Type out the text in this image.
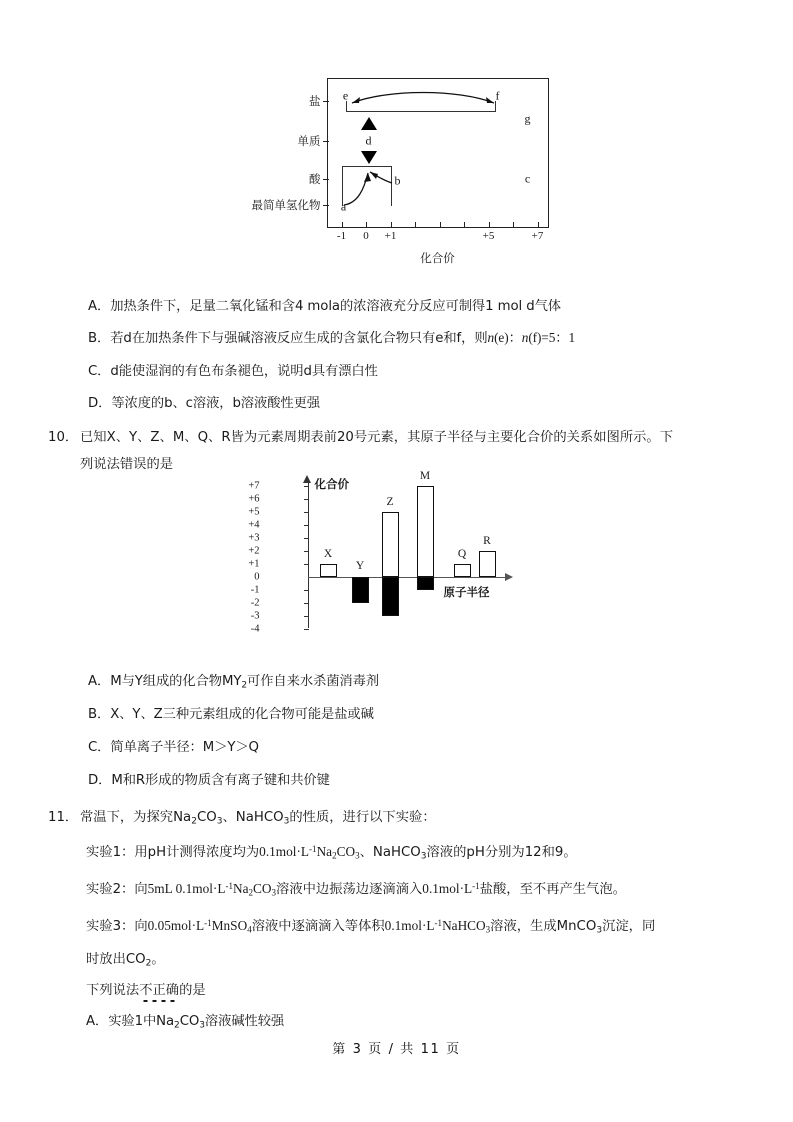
盐
单质
酸
最简单氢化物
-1 0 +1	+5	+7
e	f
g
d
a
b	c
化合价
A．加热条件下，足量二氧化锰和含4 mola的浓溶液充分反应可制得1 mol d气体
B．若d在加热条件下与强碱溶液反应生成的含氯化合物只有e和f，则n(e)：n(f)=5：1
C．d能使湿润的有色布条褪色，说明d具有漂白性
D．等浓度的b、c溶液，b溶液酸性更强
10． 已知X、Y、Z、M、Q、R皆为元素周期表前20号元素，其原子半径与主要化合价的关系如图所示。下
列说法错误的是
化合价
原子半径
+7
+6
+5
+4
+3
+2
+1
0
-1
-2
-3
-4
X
Y
Z
M
Q
R
A．M与Y组成的化合物$MY_2$可作自来水杀菌消毒剂
B．X、Y、Z三种元素组成的化合物可能是盐或碱
C．简单离子半径：M＞Y＞Q
D．M和R形成的物质含有离子键和共价键
11． 常温下，为探究$Na_2CO_3$、NaHCO$_3$的性质，进行以下实验：
实验1：用pH计测得浓度均为$0.1mol\cdot L^{-1}Na_2CO_3$、NaHCO$_3$溶液的pH分别为12和9。
实验2：向5mL $0.1mol\cdot L^{-1}Na_2CO_3$溶液中边振荡边逐滴滴入$0.1mol\cdot L^{-1}$盐酸，至不再产生气泡。
实验3：向$0.05mol\cdot L^{-1}MnSO_4$溶液中逐滴滴入等体积$0.1mol\cdot L^{-1}NaHCO_3$溶液，生成MnCO$_3$沉淀，同
时放出$CO_2$。
下列说法不正确的是
A．实验1中$Na_2CO_3$溶液碱性较强
第 3 页 / 共 11 页
